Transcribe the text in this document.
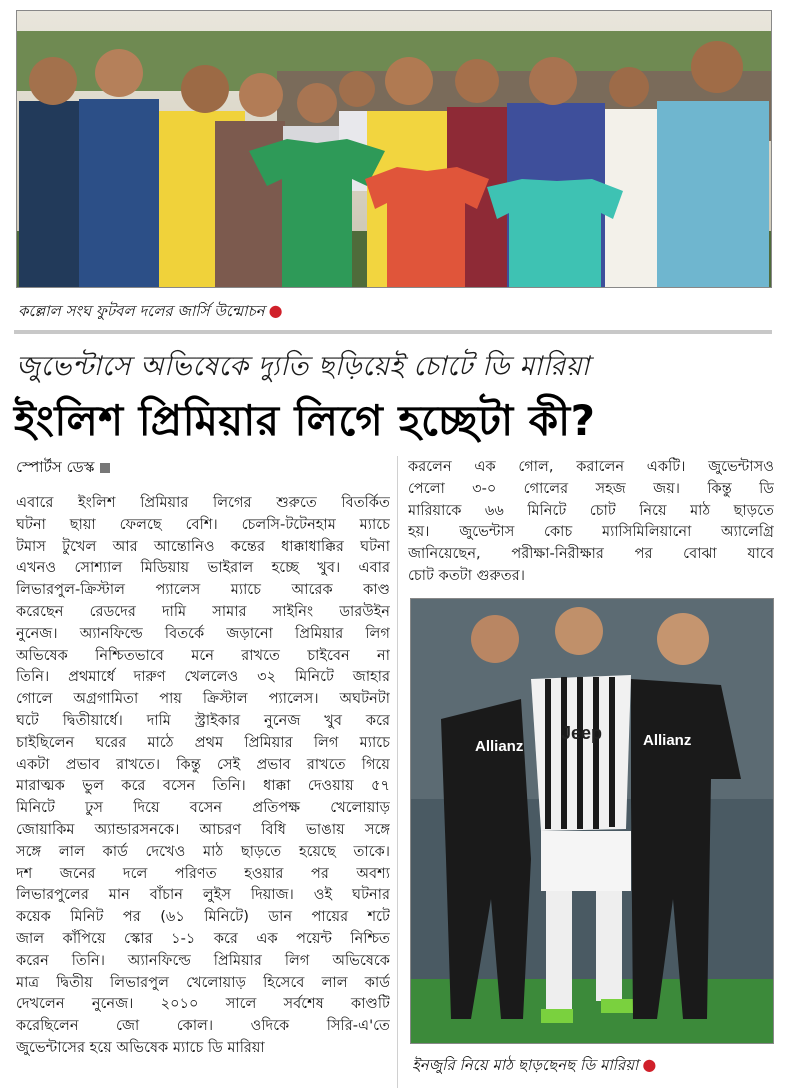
কল্লোল সংঘ ফুটবল দলের জার্সি উন্মোচন ●
জুভেন্টাসে অভিষেকে দ্যুতি ছড়িয়েই চোটে ডি মারিয়া
ইংলিশ প্রিমিয়ার লিগে হচ্ছেটা কী?
স্পোর্টস ডেস্ক
এবারে ইংলিশ প্রিমিয়ার লিগের শুরুতে বিতর্কিত
ঘটনা ছায়া ফেলছে বেশি। চেলসি-টটেনহাম ম্যাচে
টমাস টুখেল আর আন্তোনিও কন্তের ধাক্কাধাক্কির ঘটনা
এখনও সোশ্যাল মিডিয়ায় ভাইরাল হচ্ছে খুব। এবার
লিভারপুল-ক্রিস্টাল প্যালেস ম্যাচে আরেক কাণ্ড
করেছেন রেডদের দামি সামার সাইনিং ডারউইন
নুনেজ। অ্যানফিল্ডে বিতর্কে জড়ানো প্রিমিয়ার লিগ
অভিষেক নিশ্চিতভাবে মনে রাখতে চাইবেন না
তিনি। প্রথমার্ধে দারুণ খেললেও ৩২ মিনিটে জাহার
গোলে অগ্রগামিতা পায় ক্রিস্টাল প্যালেস। অঘটনটা
ঘটে দ্বিতীয়ার্ধে। দামি স্ট্রাইকার নুনেজ খুব করে
চাইছিলেন ঘরের মাঠে প্রথম প্রিমিয়ার লিগ ম্যাচে
একটা প্রভাব রাখতে। কিন্তু সেই প্রভাব রাখতে গিয়ে
মারাত্মক ভুল করে বসেন তিনি। ধাক্কা দেওয়ায় ৫৭
মিনিটে ঢুস দিয়ে বসেন প্রতিপক্ষ খেলোয়াড়
জোয়াকিম অ্যান্ডারসনকে। আচরণ বিধি ভাঙায় সঙ্গে
সঙ্গে লাল কার্ড দেখেও মাঠ ছাড়তে হয়েছে তাকে।
দশ জনের দলে পরিণত হওয়ার পর অবশ্য
লিভারপুলের মান বাঁচান লুইস দিয়াজ। ওই ঘটনার
কয়েক মিনিট পর (৬১ মিনিটে) ডান পায়ের শটে
জাল কাঁপিয়ে স্কোর ১-১ করে এক পয়েন্ট নিশ্চিত
করেন তিনি। অ্যানফিল্ডে প্রিমিয়ার লিগ অভিষেকে
মাত্র দ্বিতীয় লিভারপুল খেলোয়াড় হিসেবে লাল কার্ড
দেখলেন নুনেজ। ২০১০ সালে সর্বশেষ কাণ্ডটি
করেছিলেন জো কোল। ওদিকে সিরি-এ'তে
জুভেন্টাসের হয়ে অভিষেক ম্যাচে ডি মারিয়া
করলেন এক গোল, করালেন একটি। জুভেন্টাসও
পেলো ৩-০ গোলের সহজ জয়। কিন্তু ডি
মারিয়াকে ৬৬ মিনিটে চোট নিয়ে মাঠ ছাড়তে
হয়। জুভেন্টাস কোচ ম্যাসিমিলিয়ানো অ্যালেগ্রি
জানিয়েছেন, পরীক্ষা-নিরীক্ষার পর বোঝা যাবে
চোট কতটা গুরুতর।
Allianz
Jeep	Allianz
ইনজুরি নিয়ে মাঠ ছাড়ছেনছ ডি মারিয়া ●
